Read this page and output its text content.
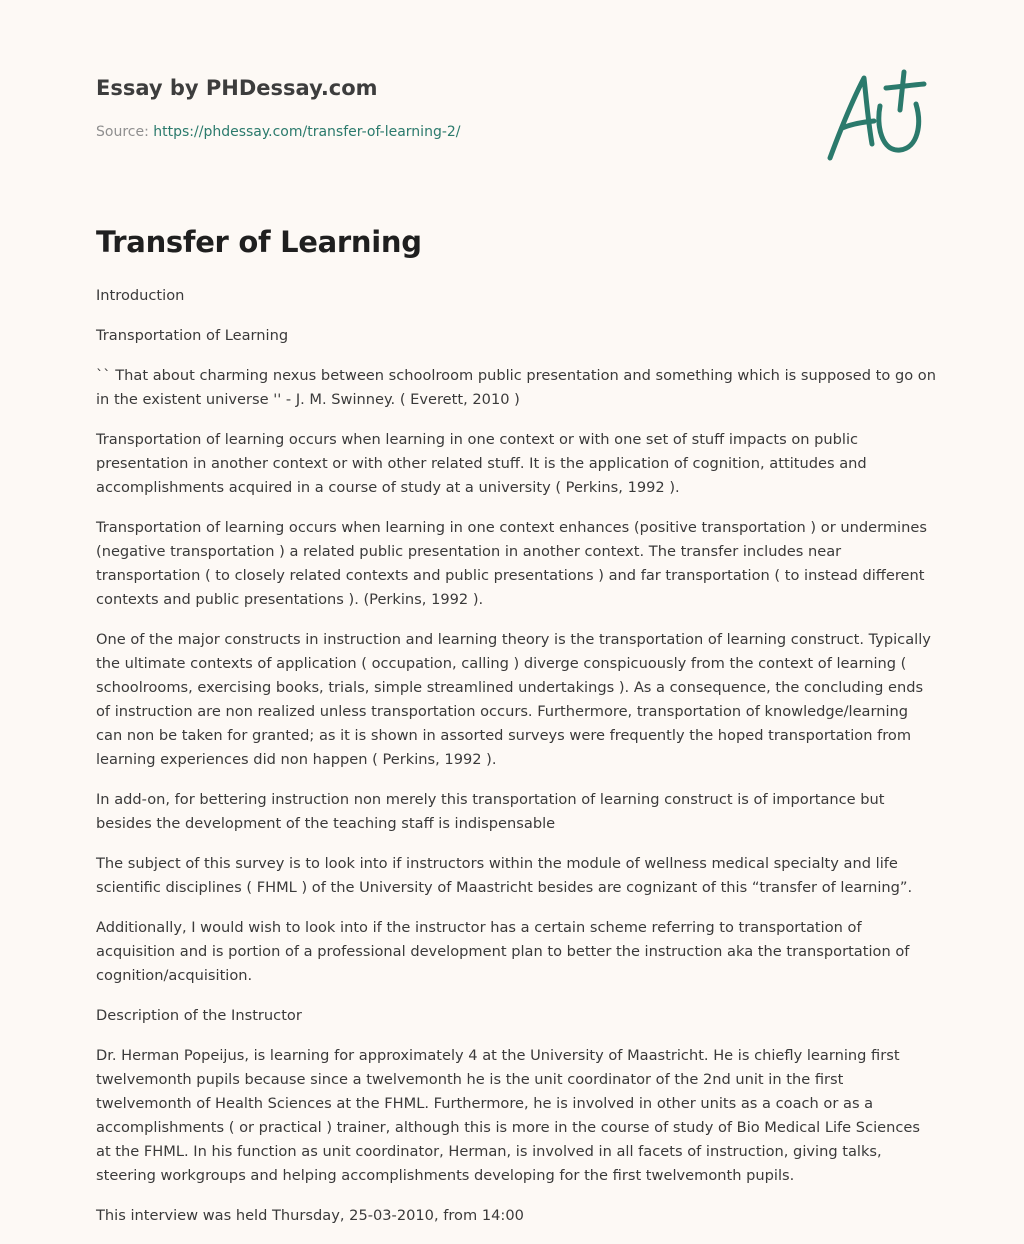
Essay by PHDessay.com
Source: https://phdessay.com/transfer-of-learning-2/
Transfer of Learning

Introduction

Transportation of Learning

`` That about charming nexus between schoolroom public presentation and something which is supposed to go on in the existent universe '' - J. M. Swinney. ( Everett, 2010 )

Transportation of learning occurs when learning in one context or with one set of stuff impacts on public presentation in another context or with other related stuff. It is the application of cognition, attitudes and accomplishments acquired in a course of study at a university ( Perkins, 1992 ).

Transportation of learning occurs when learning in one context enhances (positive transportation ) or undermines (negative transportation ) a related public presentation in another context. The transfer includes near transportation ( to closely related contexts and public presentations ) and far transportation ( to instead different contexts and public presentations ). (Perkins, 1992 ).

One of the major constructs in instruction and learning theory is the transportation of learning construct. Typically the ultimate contexts of application ( occupation, calling ) diverge conspicuously from the context of learning ( schoolrooms, exercising books, trials, simple streamlined undertakings ). As a consequence, the concluding ends of instruction are non realized unless transportation occurs. Furthermore, transportation of knowledge/learning can non be taken for granted; as it is shown in assorted surveys were frequently the hoped transportation from learning experiences did non happen ( Perkins, 1992 ).

In add-on, for bettering instruction non merely this transportation of learning construct is of importance but besides the development of the teaching staff is indispensable

The subject of this survey is to look into if instructors within the module of wellness medical specialty and life scientific disciplines ( FHML ) of the University of Maastricht besides are cognizant of this “transfer of learning”.

Additionally, I would wish to look into if the instructor has a certain scheme referring to transportation of acquisition and is portion of a professional development plan to better the instruction aka the transportation of cognition/acquisition.

Description of the Instructor

Dr. Herman Popeijus, is learning for approximately 4 at the University of Maastricht. He is chiefly learning first twelvemonth pupils because since a twelvemonth he is the unit coordinator of the 2nd unit in the first twelvemonth of Health Sciences at the FHML. Furthermore, he is involved in other units as a coach or as a accomplishments ( or practical ) trainer, although this is more in the course of study of Bio Medical Life Sciences at the FHML. In his function as unit coordinator, Herman, is involved in all facets of instruction, giving talks, steering workgroups and helping accomplishments developing for the first twelvemonth pupils.

This interview was held Thursday, 25-03-2010, from 14:00
